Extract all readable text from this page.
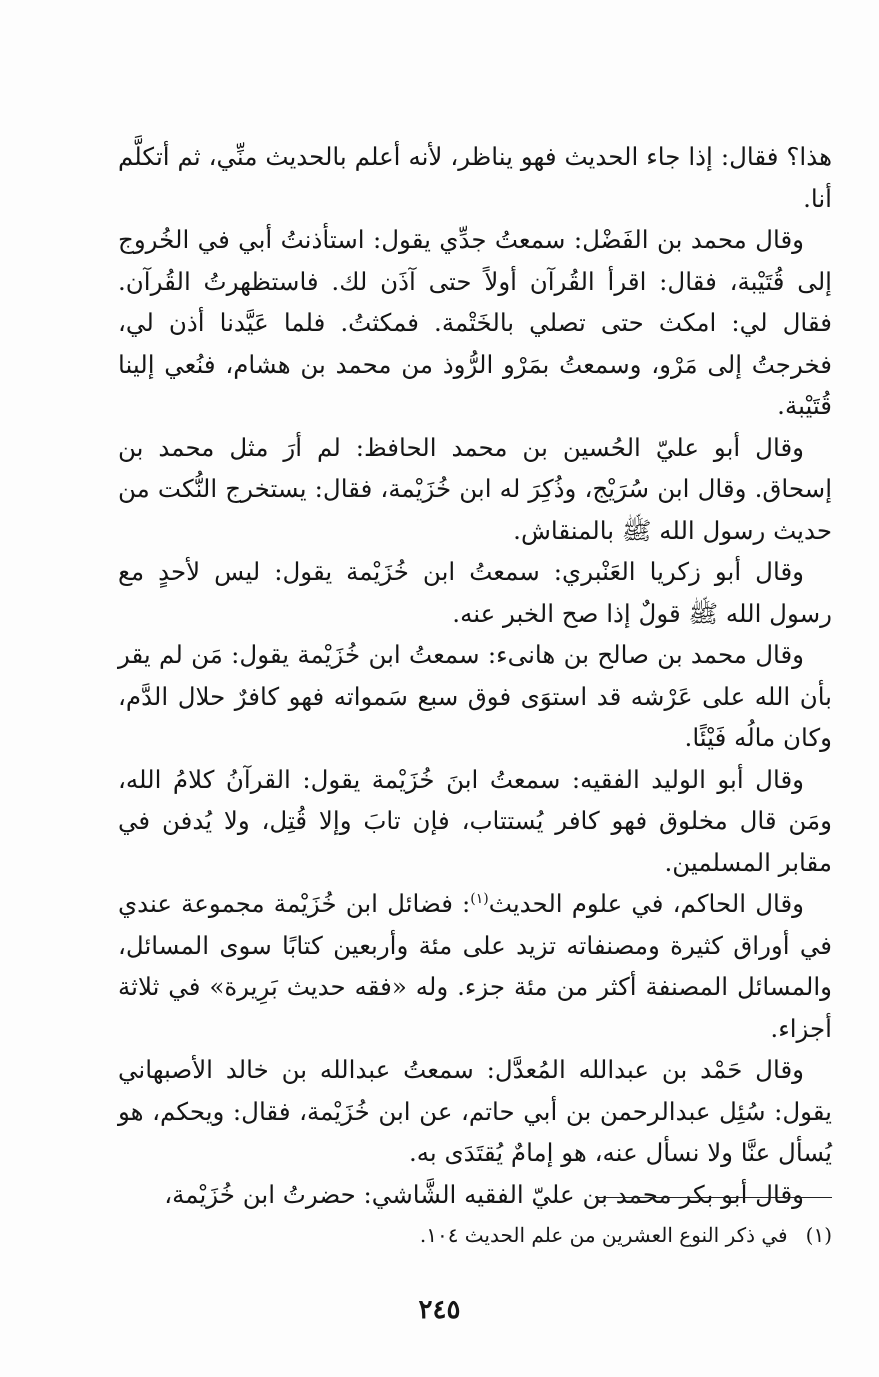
هذا؟ فقال: إذا جاء الحديث فهو يناظر، لأنه أعلم بالحديث منِّي، ثم أتكلَّم أنا.

وقال محمد بن الفَضْل: سمعتُ جدِّي يقول: استأذنتُ أبي في الخُروج إلى قُتَيْبة، فقال: اقرأ القُرآن أولاً حتى آذَن لك. فاستظهرتُ القُرآن. فقال لي: امكث حتى تصلي بالخَتْمة. فمكثتُ. فلما عَيَّدنا أذن لي، فخرجتُ إلى مَرْو، وسمعتُ بمَرْو الرُّوذ من محمد بن هشام، فنُعي إلينا قُتَيْبة.

وقال أبو عليّ الحُسين بن محمد الحافظ: لم أرَ مثل محمد بن إسحاق. وقال ابن سُرَيْج، وذُكِرَ له ابن خُزَيْمة، فقال: يستخرج النُّكت من حديث رسول الله ﷺ بالمنقاش.

وقال أبو زكريا العَنْبري: سمعتُ ابن خُزَيْمة يقول: ليس لأحدٍ مع رسول الله ﷺ قولٌ إذا صح الخبر عنه.

وقال محمد بن صالح بن هانىء: سمعتُ ابن خُزَيْمة يقول: مَن لم يقر بأن الله على عَرْشه قد استوَى فوق سبع سَمواته فهو كافرٌ حلال الدَّم، وكان مالُه فَيْئًا.

وقال أبو الوليد الفقيه: سمعتُ ابنَ خُزَيْمة يقول: القرآنُ كلامُ الله، ومَن قال مخلوق فهو كافر يُستتاب، فإن تابَ وإلا قُتِل، ولا يُدفن في مقابر المسلمين.

وقال الحاكم، في علوم الحديث$^{(١)}$: فضائل ابن خُزَيْمة مجموعة عندي في أوراق كثيرة ومصنفاته تزيد على مئة وأربعين كتابًا سوى المسائل، والمسائل المصنفة أكثر من مئة جزء. وله «فقه حديث بَرِيرة» في ثلاثة أجزاء.

وقال حَمْد بن عبدالله المُعدَّل: سمعتُ عبدالله بن خالد الأصبهاني يقول: سُئِل عبدالرحمن بن أبي حاتم، عن ابن خُزَيْمة، فقال: ويحكم، هو يُسأل عنَّا ولا نسأل عنه، هو إمامٌ يُقتَدَى به.

وقال أبو بكر محمد بن عليّ الفقيه الشَّاشي: حضرتُ ابن خُزَيْمة،

(١)في ذكر النوع العشرين من علم الحديث ١٠٤.
٢٤٥
